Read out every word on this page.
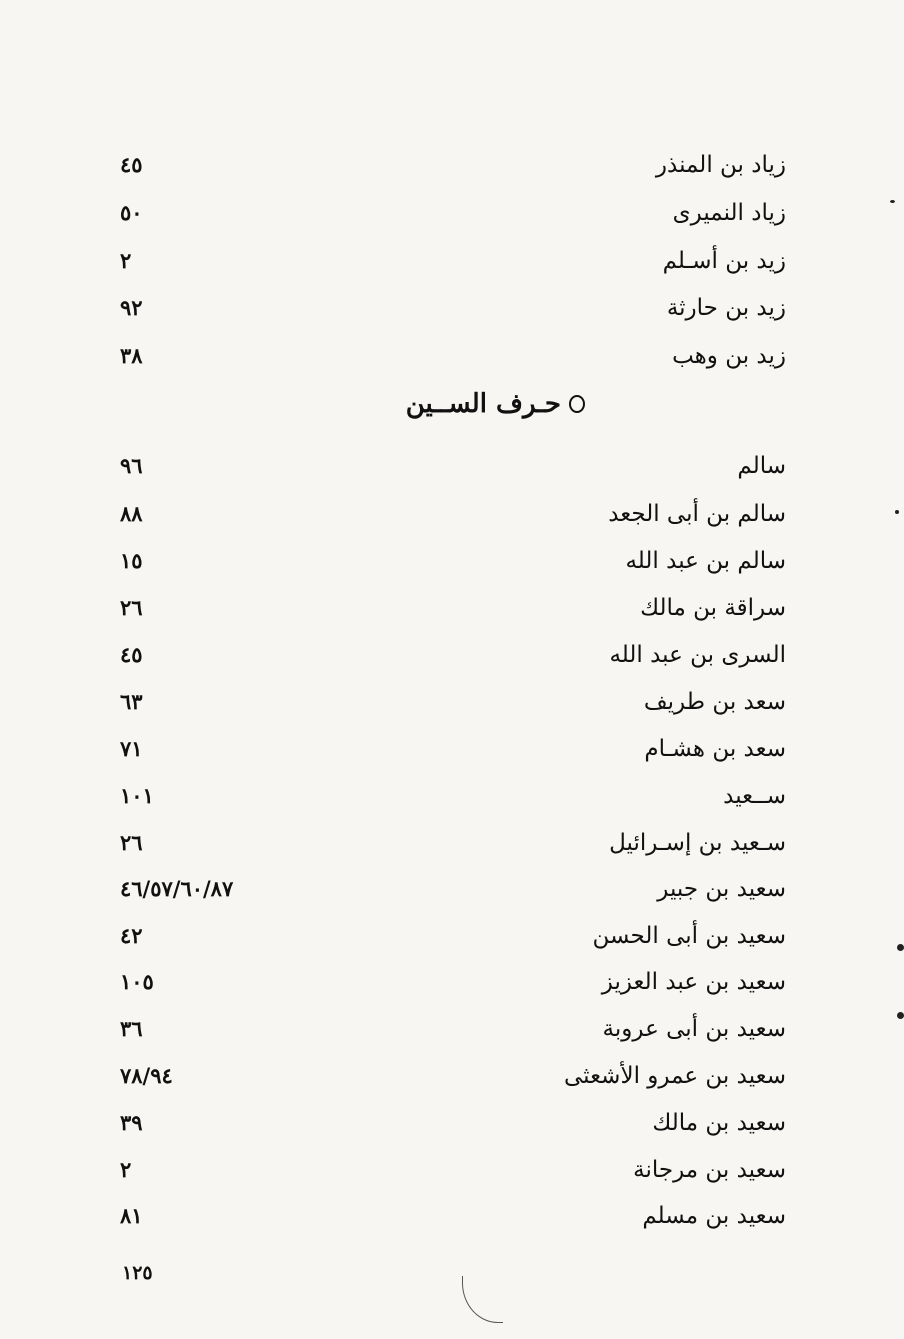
زياد بن المنذر
٤٥
زياد النميرى
٥٠
زيد بن أسـلم
٢
زيد بن حارثة
٩٢
زيد بن وهب
٣٨
سالم
٩٦
سالم بن أبى الجعد
٨٨
سالم بن عبد الله
١٥
سراقة بن مالك
٢٦
السرى بن عبد الله
٤٥
سعد بن طريف
٦٣
سعد بن هشـام
٧١
ســعيد
١٠١
سـعيد بن إسـرائيل
٢٦
سعيد بن جبير
٤٦/٥٧/٦٠/٨٧
سعيد بن أبى الحسن
٤٢
سعيد بن عبد العزيز
١٠٥
سعيد بن أبى عروبة
٣٦
سعيد بن عمرو الأشعثى
٧٨/٩٤
سعيد بن مالك
٣٩
سعيد بن مرجانة
٢
سعيد بن مسلم
٨١
حـرف الســين
١٢٥
